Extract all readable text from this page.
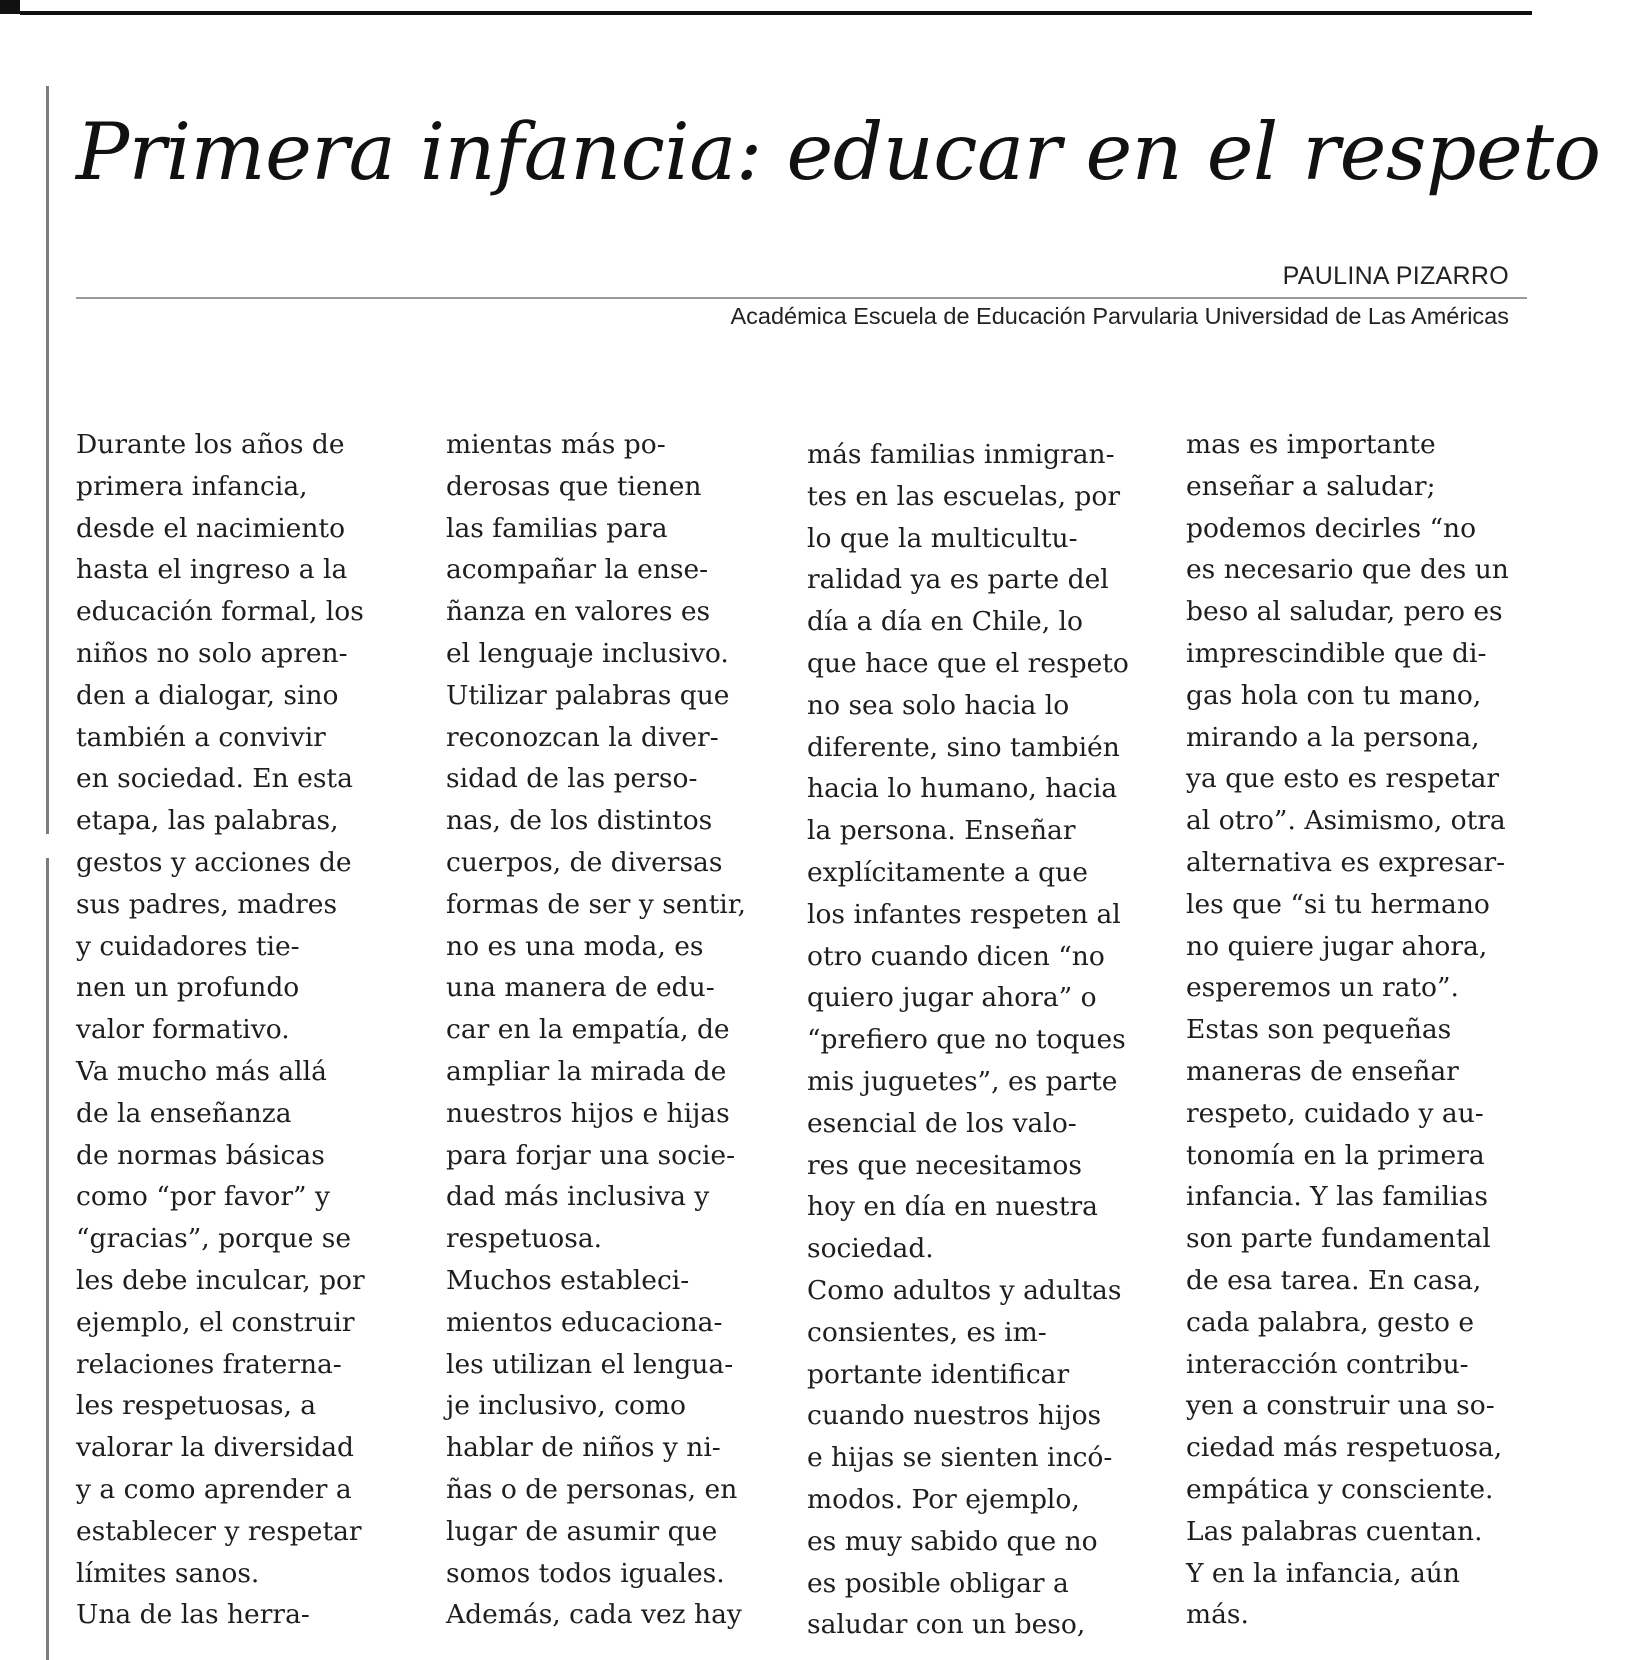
Primera infancia: educar en el respeto
PAULINA PIZARRO
Académica Escuela de Educación Parvularia Universidad de Las Américas
Durante los años de
primera infancia,
desde el nacimiento
hasta el ingreso a la
educación formal, los
niños no solo apren-
den a dialogar, sino
también a convivir
en sociedad. En esta
etapa, las palabras,
gestos y acciones de
sus padres, madres
y cuidadores tie-
nen un profundo
valor formativo.
Va mucho más allá
de la enseñanza
de normas básicas
como “por favor” y
“gracias”, porque se
les debe inculcar, por
ejemplo, el construir
relaciones fraterna-
les respetuosas, a
valorar la diversidad
y a como aprender a
establecer y respetar
límites sanos.
Una de las herra-
mientas más po-
derosas que tienen
las familias para
acompañar la ense-
ñanza en valores es
el lenguaje inclusivo.
Utilizar palabras que
reconozcan la diver-
sidad de las perso-
nas, de los distintos
cuerpos, de diversas
formas de ser y sentir,
no es una moda, es
una manera de edu-
car en la empatía, de
ampliar la mirada de
nuestros hijos e hijas
para forjar una socie-
dad más inclusiva y
respetuosa.
Muchos estableci-
mientos educaciona-
les utilizan el lengua-
je inclusivo, como
hablar de niños y ni-
ñas o de personas, en
lugar de asumir que
somos todos iguales.
Además, cada vez hay
más familias inmigran-
tes en las escuelas, por
lo que la multicultu-
ralidad ya es parte del
día a día en Chile, lo
que hace que el respeto
no sea solo hacia lo
diferente, sino también
hacia lo humano, hacia
la persona. Enseñar
explícitamente a que
los infantes respeten al
otro cuando dicen “no
quiero jugar ahora” o
“prefiero que no toques
mis juguetes”, es parte
esencial de los valo-
res que necesitamos
hoy en día en nuestra
sociedad.
Como adultos y adultas
consientes, es im-
portante identificar
cuando nuestros hijos
e hijas se sienten incó-
modos. Por ejemplo,
es muy sabido que no
es posible obligar a
saludar con un beso,
mas es importante
enseñar a saludar;
podemos decirles “no
es necesario que des un
beso al saludar, pero es
imprescindible que di-
gas hola con tu mano,
mirando a la persona,
ya que esto es respetar
al otro”. Asimismo, otra
alternativa es expresar-
les que “si tu hermano
no quiere jugar ahora,
esperemos un rato”.
Estas son pequeñas
maneras de enseñar
respeto, cuidado y au-
tonomía en la primera
infancia. Y las familias
son parte fundamental
de esa tarea. En casa,
cada palabra, gesto e
interacción contribu-
yen a construir una so-
ciedad más respetuosa,
empática y consciente.
Las palabras cuentan.
Y en la infancia, aún
más.
